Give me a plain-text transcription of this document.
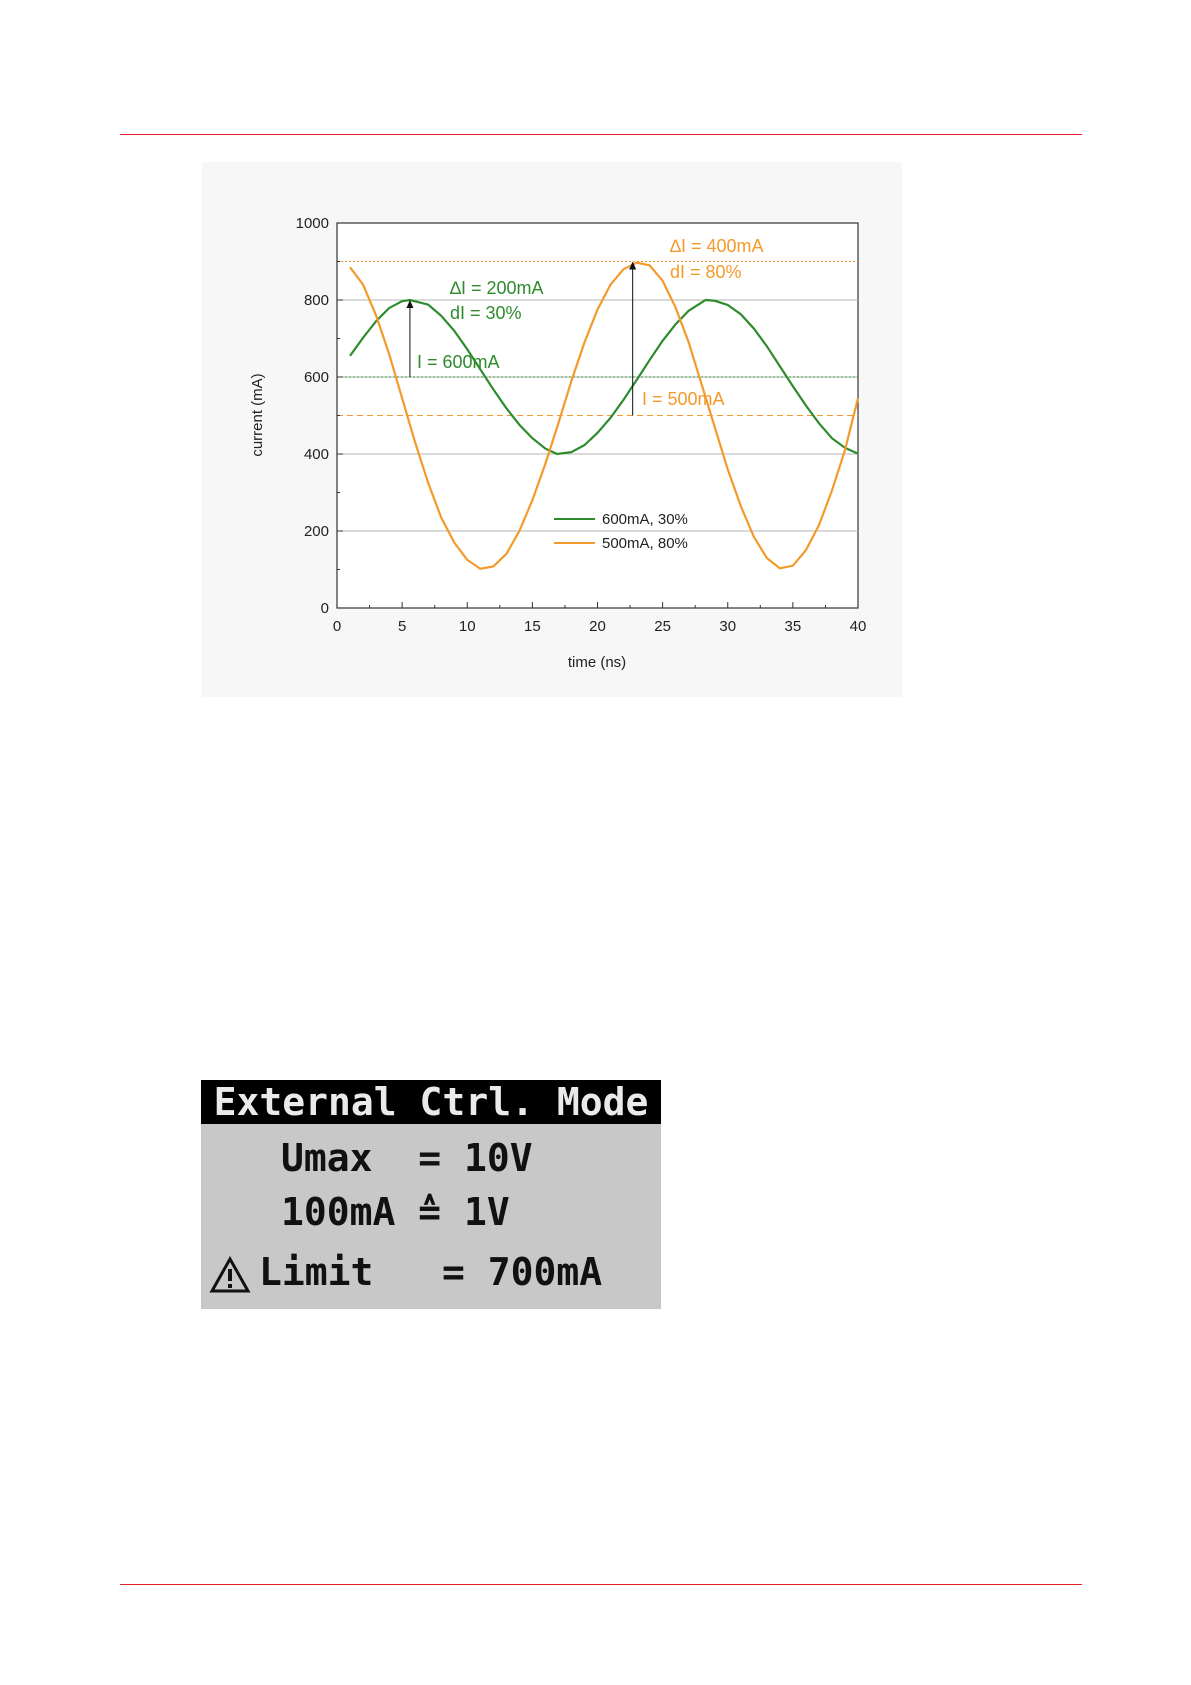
0
200
400
600
800
1000
0	5	10	15	20	25	30	35	40
current (mA)
time (ns)
∆I = 200mA
dI = 30%
I = 600mA
∆I = 400mA
dI = 80%
I = 500mA
600mA, 30%
500mA, 80%
External Ctrl. Mode
Umax  = 10V
100mA ≙ 1V
Limit   = 700mA
